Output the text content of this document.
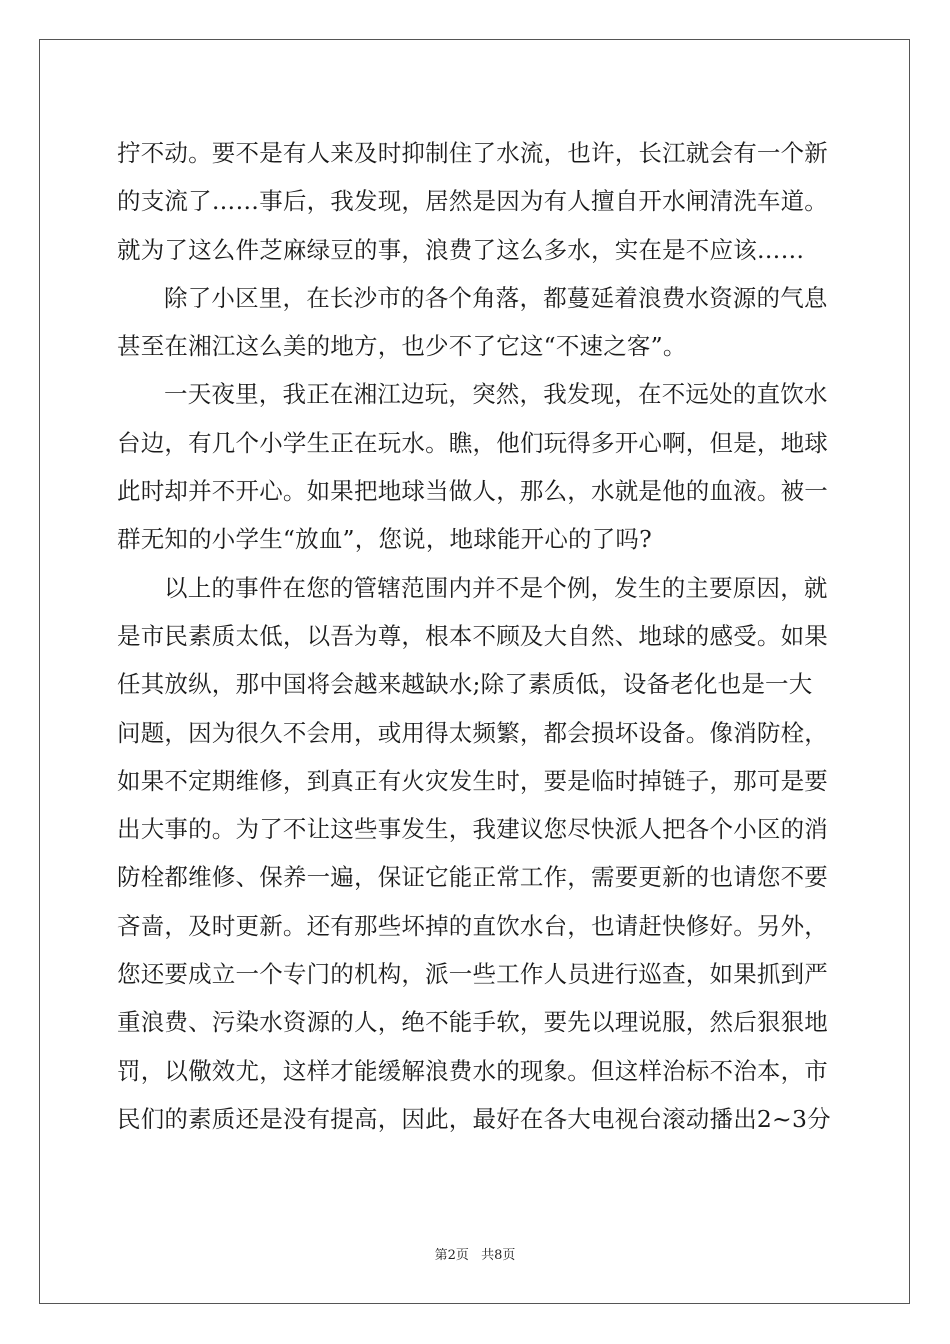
拧不动。要不是有人来及时抑制住了水流，也许，长江就会有一个新
的支流了……事后，我发现，居然是因为有人擅自开水闸清洗车道。
就为了这么件芝麻绿豆的事，浪费了这么多水，实在是不应该……
除了小区里，在长沙市的各个角落，都蔓延着浪费水资源的气息
甚至在湘江这么美的地方，也少不了它这“不速之客”。
一天夜里，我正在湘江边玩，突然，我发现，在不远处的直饮水
台边，有几个小学生正在玩水。瞧，他们玩得多开心啊，但是，地球
此时却并不开心。如果把地球当做人，那么，水就是他的血液。被一
群无知的小学生“放血”，您说，地球能开心的了吗?
以上的事件在您的管辖范围内并不是个例，发生的主要原因，就
是市民素质太低，以吾为尊，根本不顾及大自然、地球的感受。如果
任其放纵，那中国将会越来越缺水;除了素质低，设备老化也是一大
问题，因为很久不会用，或用得太频繁，都会损坏设备。像消防栓，
如果不定期维修，到真正有火灾发生时，要是临时掉链子，那可是要
出大事的。为了不让这些事发生，我建议您尽快派人把各个小区的消
防栓都维修、保养一遍，保证它能正常工作，需要更新的也请您不要
吝啬，及时更新。还有那些坏掉的直饮水台，也请赶快修好。另外，
您还要成立一个专门的机构，派一些工作人员进行巡查，如果抓到严
重浪费、污染水资源的人，绝不能手软，要先以理说服，然后狠狠地
罚，以儆效尤，这样才能缓解浪费水的现象。但这样治标不治本，市
民们的素质还是没有提高，因此，最好在各大电视台滚动播出2~3分
第2页 共8页
